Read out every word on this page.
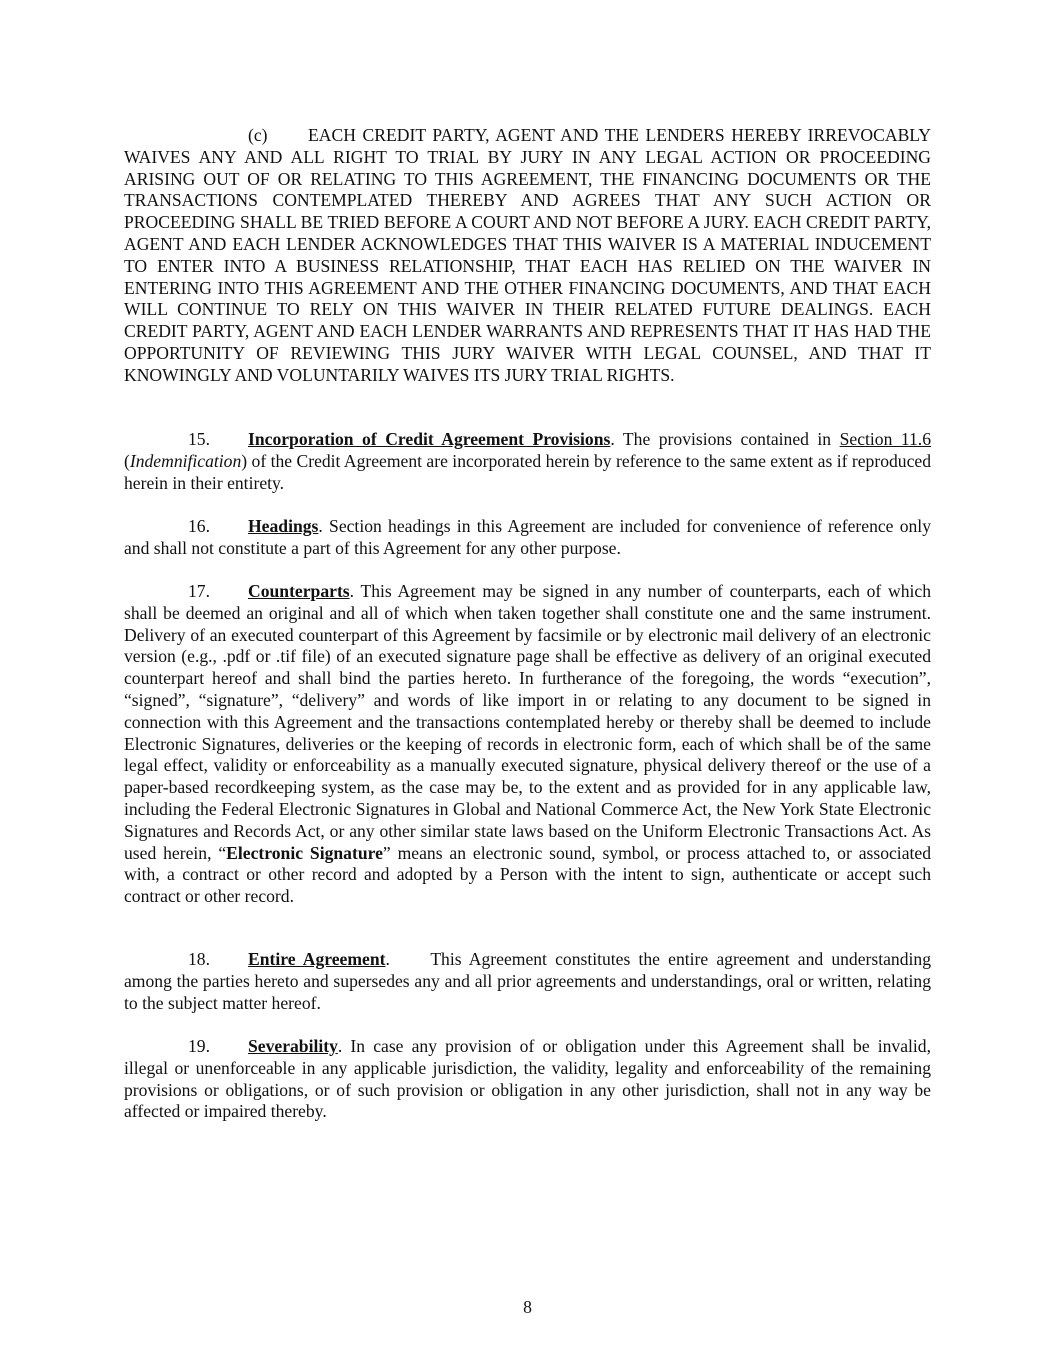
(c) EACH CREDIT PARTY, AGENT AND THE LENDERS HEREBY IRREVOCABLY WAIVES ANY AND ALL RIGHT TO TRIAL BY JURY IN ANY LEGAL ACTION OR PROCEEDING ARISING OUT OF OR RELATING TO THIS AGREEMENT, THE FINANCING DOCUMENTS OR THE TRANSACTIONS CONTEMPLATED THEREBY AND AGREES THAT ANY SUCH ACTION OR PROCEEDING SHALL BE TRIED BEFORE A COURT AND NOT BEFORE A JURY. EACH CREDIT PARTY, AGENT AND EACH LENDER ACKNOWLEDGES THAT THIS WAIVER IS A MATERIAL INDUCEMENT TO ENTER INTO A BUSINESS RELATIONSHIP, THAT EACH HAS RELIED ON THE WAIVER IN ENTERING INTO THIS AGREEMENT AND THE OTHER FINANCING DOCUMENTS, AND THAT EACH WILL CONTINUE TO RELY ON THIS WAIVER IN THEIR RELATED FUTURE DEALINGS. EACH CREDIT PARTY, AGENT AND EACH LENDER WARRANTS AND REPRESENTS THAT IT HAS HAD THE OPPORTUNITY OF REVIEWING THIS JURY WAIVER WITH LEGAL COUNSEL, AND THAT IT KNOWINGLY AND VOLUNTARILY WAIVES ITS JURY TRIAL RIGHTS.

15. Incorporation of Credit Agreement Provisions. The provisions contained in Section 11.6 (Indemnification) of the Credit Agreement are incorporated herein by reference to the same extent as if reproduced herein in their entirety.

16. Headings. Section headings in this Agreement are included for convenience of reference only and shall not constitute a part of this Agreement for any other purpose.

17. Counterparts. This Agreement may be signed in any number of counterparts, each of which shall be deemed an original and all of which when taken together shall constitute one and the same instrument. Delivery of an executed counterpart of this Agreement by facsimile or by electronic mail delivery of an electronic version (e.g., .pdf or .tif file) of an executed signature page shall be effective as delivery of an original executed counterpart hereof and shall bind the parties hereto. In furtherance of the foregoing, the words “execution”, “signed”, “signature”, “delivery” and words of like import in or relating to any document to be signed in connection with this Agreement and the transactions contemplated hereby or thereby shall be deemed to include Electronic Signatures, deliveries or the keeping of records in electronic form, each of which shall be of the same legal effect, validity or enforceability as a manually executed signature, physical delivery thereof or the use of a paper-based recordkeeping system, as the case may be, to the extent and as provided for in any applicable law, including the Federal Electronic Signatures in Global and National Commerce Act, the New York State Electronic Signatures and Records Act, or any other similar state laws based on the Uniform Electronic Transactions Act. As used herein, “Electronic Signature” means an electronic sound, symbol, or process attached to, or associated with, a contract or other record and adopted by a Person with the intent to sign, authenticate or accept such contract or other record.

18. Entire Agreement.     This Agreement constitutes the entire agreement and understanding among the parties hereto and supersedes any and all prior agreements and understandings, oral or written, relating to the subject matter hereof.

19. Severability. In case any provision of or obligation under this Agreement shall be invalid, illegal or unenforceable in any applicable jurisdiction, the validity, legality and enforceability of the remaining provisions or obligations, or of such provision or obligation in any other jurisdiction, shall not in any way be affected or impaired thereby.

8
